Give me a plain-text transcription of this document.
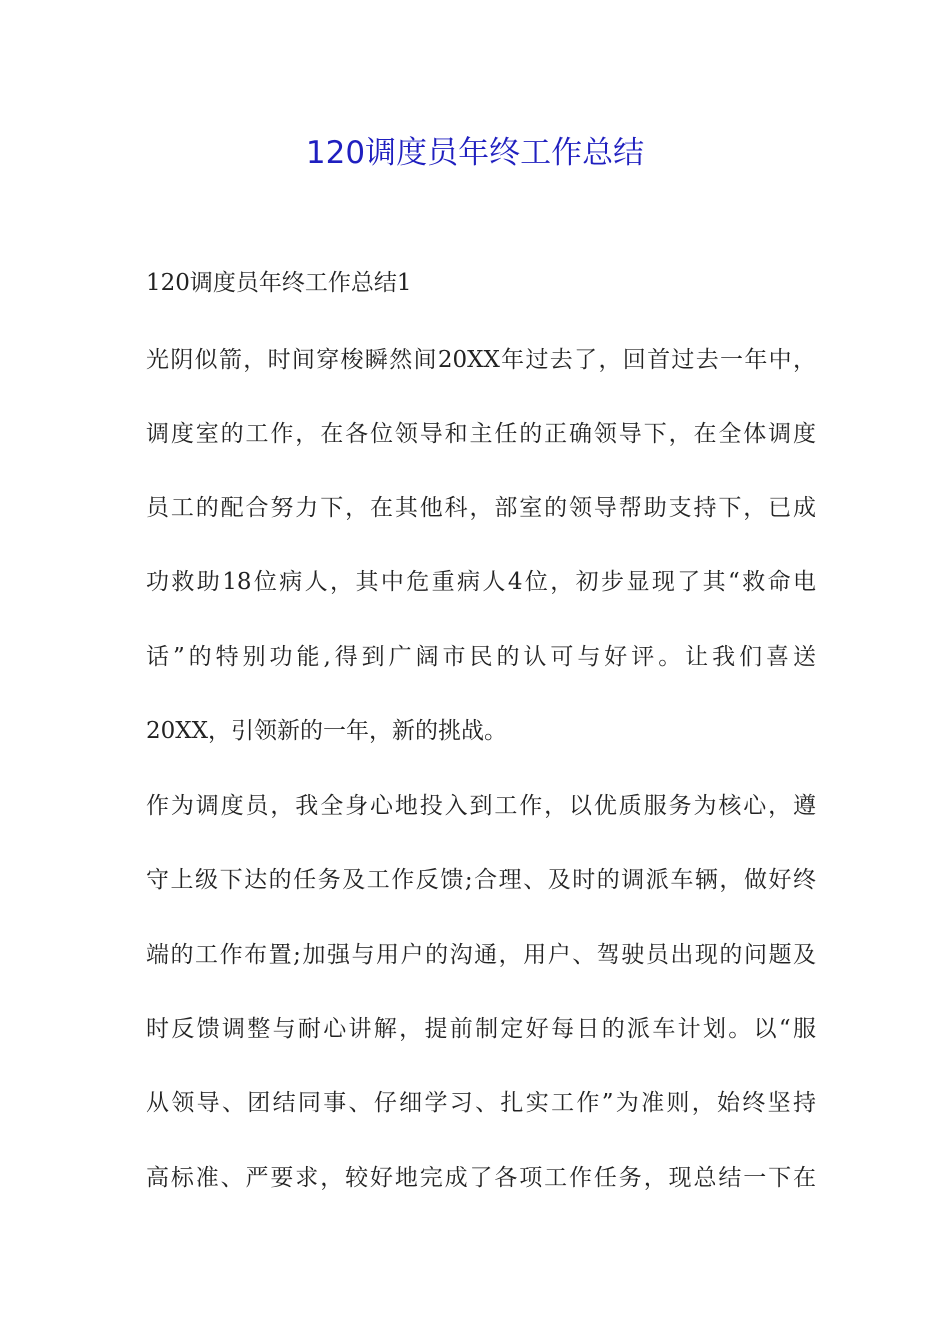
120调度员年终工作总结

120调度员年终工作总结1

光阴似箭，时间穿梭瞬然间20XX年过去了，回首过去一年中，

调度室的工作，在各位领导和主任的正确领导下，在全体调度

员工的配合努力下，在其他科，部室的领导帮助支持下，已成

功救助18位病人，其中危重病人4位，初步显现了其“救命电

话”的特别功能,得到广阔市民的认可与好评。让我们喜送

20XX，引领新的一年，新的挑战。

作为调度员，我全身心地投入到工作，以优质服务为核心，遵

守上级下达的任务及工作反馈;合理、及时的调派车辆，做好终

端的工作布置;加强与用户的沟通，用户、驾驶员出现的问题及

时反馈调整与耐心讲解，提前制定好每日的派车计划。以“服

从领导、团结同事、仔细学习、扎实工作”为准则，始终坚持

高标准、严要求，较好地完成了各项工作任务，现总结一下在
